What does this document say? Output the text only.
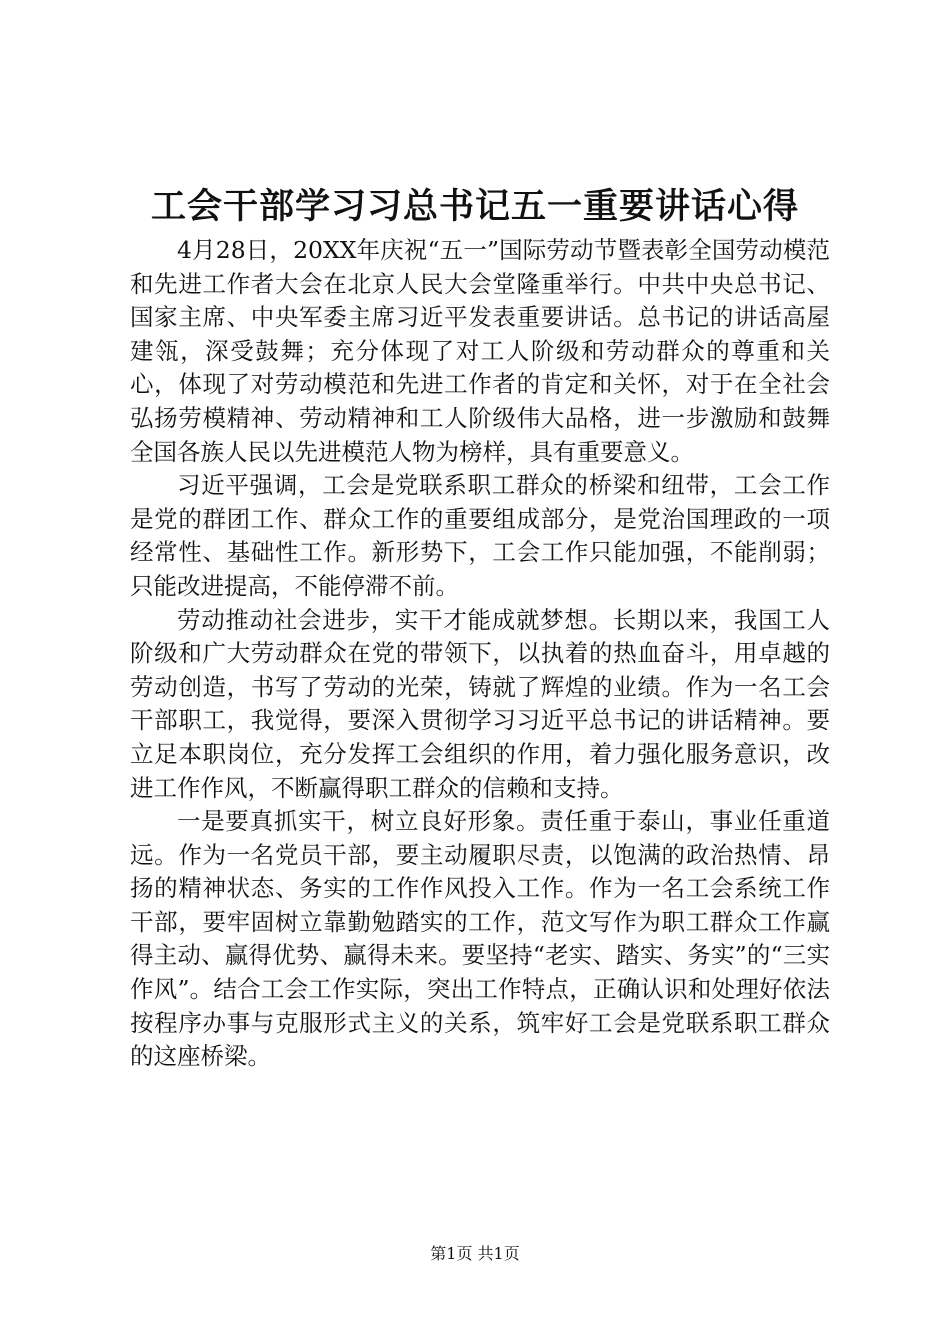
工会干部学习习总书记五一重要讲话心得

4月28日，20XX年庆祝“五一”国际劳动节暨表彰全国劳动模范和先进工作者大会在北京人民大会堂隆重举行。中共中央总书记、国家主席、中央军委主席习近平发表重要讲话。总书记的讲话高屋建瓴，深受鼓舞；充分体现了对工人阶级和劳动群众的尊重和关心，体现了对劳动模范和先进工作者的肯定和关怀，对于在全社会弘扬劳模精神、劳动精神和工人阶级伟大品格，进一步激励和鼓舞全国各族人民以先进模范人物为榜样，具有重要意义。

习近平强调，工会是党联系职工群众的桥梁和纽带，工会工作是党的群团工作、群众工作的重要组成部分，是党治国理政的一项经常性、基础性工作。新形势下，工会工作只能加强，不能削弱；只能改进提高，不能停滞不前。

劳动推动社会进步，实干才能成就梦想。长期以来，我国工人阶级和广大劳动群众在党的带领下，以执着的热血奋斗，用卓越的劳动创造，书写了劳动的光荣，铸就了辉煌的业绩。作为一名工会干部职工，我觉得，要深入贯彻学习习近平总书记的讲话精神。要立足本职岗位，充分发挥工会组织的作用，着力强化服务意识，改进工作作风，不断赢得职工群众的信赖和支持。

一是要真抓实干，树立良好形象。责任重于泰山，事业任重道远。作为一名党员干部，要主动履职尽责，以饱满的政治热情、昂扬的精神状态、务实的工作作风投入工作。作为一名工会系统工作干部，要牢固树立靠勤勉踏实的工作，范文写作为职工群众工作赢得主动、赢得优势、赢得未来。要坚持“老实、踏实、务实”的“三实作风”。结合工会工作实际，突出工作特点，正确认识和处理好依法按程序办事与克服形式主义的关系，筑牢好工会是党联系职工群众的这座桥梁。

第1页 共1页
